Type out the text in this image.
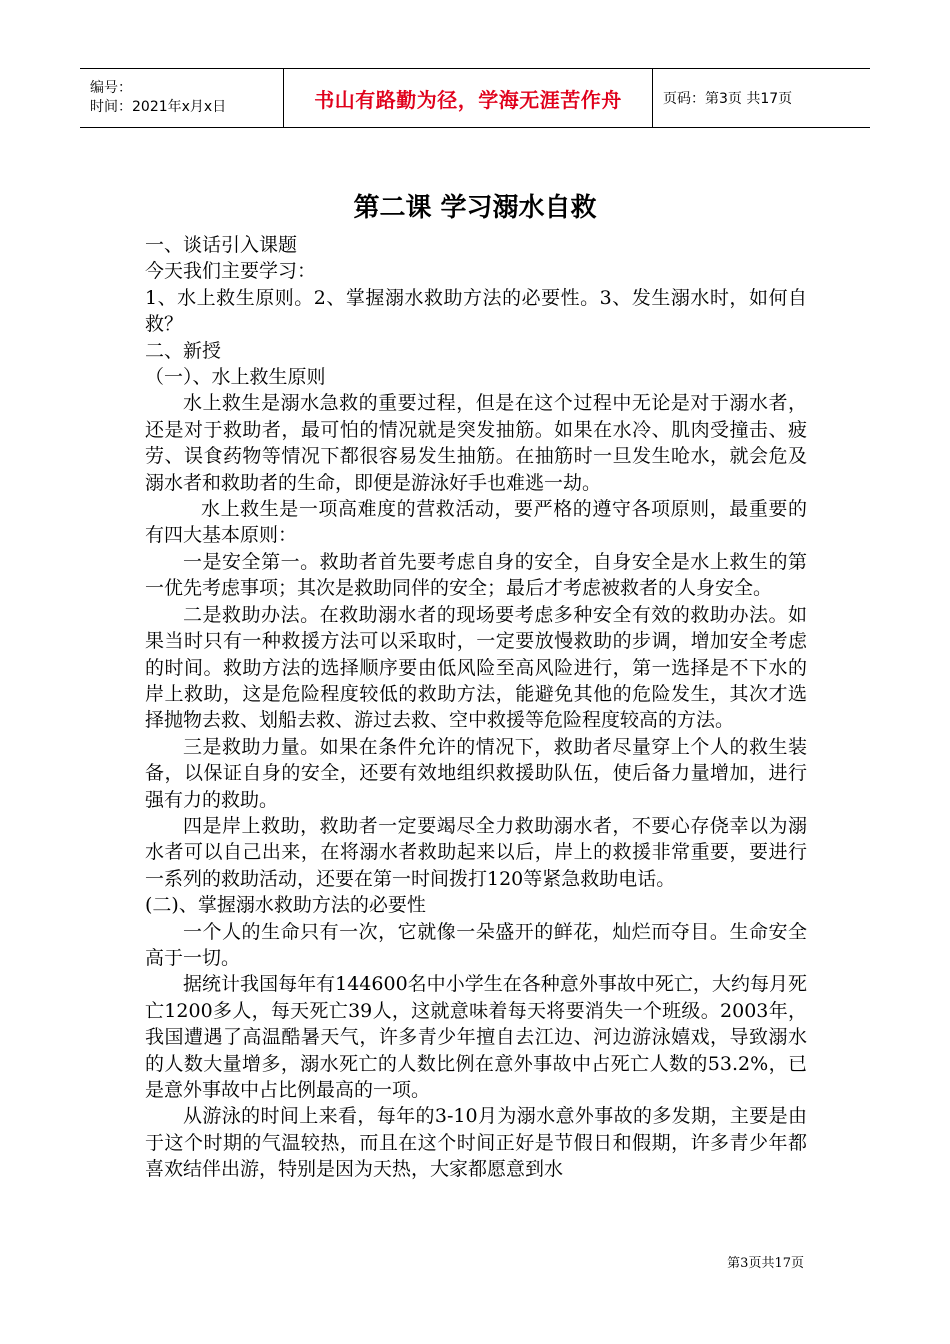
编号：
时间：2021年x月x日	书山有路勤为径，学海无涯苦作舟	页码：第3页 共17页
第二课 学习溺水自救

一、谈话引入课题

今天我们主要学习：

1、水上救生原则。2、掌握溺水救助方法的必要性。3、发生溺水时，如何自救？

二、新授

（一）、水上救生原则

水上救生是溺水急救的重要过程，但是在这个过程中无论是对于溺水者，还是对于救助者，最可怕的情况就是突发抽筋。如果在水冷、肌肉受撞击、疲劳、误食药物等情况下都很容易发生抽筋。在抽筋时一旦发生呛水，就会危及溺水者和救助者的生命，即便是游泳好手也难逃一劫。

水上救生是一项高难度的营救活动，要严格的遵守各项原则，最重要的有四大基本原则：

一是安全第一。救助者首先要考虑自身的安全，自身安全是水上救生的第一优先考虑事项；其次是救助同伴的安全；最后才考虑被救者的人身安全。

二是救助办法。在救助溺水者的现场要考虑多种安全有效的救助办法。如果当时只有一种救援方法可以采取时，一定要放慢救助的步调，增加安全考虑的时间。救助方法的选择顺序要由低风险至高风险进行，第一选择是不下水的岸上救助，这是危险程度较低的救助方法，能避免其他的危险发生，其次才选择抛物去救、划船去救、游过去救、空中救援等危险程度较高的方法。

三是救助力量。如果在条件允许的情况下，救助者尽量穿上个人的救生装备，以保证自身的安全，还要有效地组织救援助队伍，使后备力量增加，进行强有力的救助。

四是岸上救助，救助者一定要竭尽全力救助溺水者，不要心存侥幸以为溺水者可以自己出来，在将溺水者救助起来以后，岸上的救援非常重要，要进行一系列的救助活动，还要在第一时间拨打120等紧急救助电话。

(二)、掌握溺水救助方法的必要性

一个人的生命只有一次，它就像一朵盛开的鲜花，灿烂而夺目。生命安全高于一切。

据统计我国每年有144600名中小学生在各种意外事故中死亡，大约每月死亡1200多人，每天死亡39人，这就意味着每天将要消失一个班级。2003年，我国遭遇了高温酷暑天气，许多青少年擅自去江边、河边游泳嬉戏，导致溺水的人数大量增多，溺水死亡的人数比例在意外事故中占死亡人数的53.2%，已是意外事故中占比例最高的一项。

从游泳的时间上来看，每年的3-10月为溺水意外事故的多发期，主要是由于这个时期的气温较热，而且在这个时间正好是节假日和假期，许多青少年都喜欢结伴出游，特别是因为天热，大家都愿意到水

第3页共17页
